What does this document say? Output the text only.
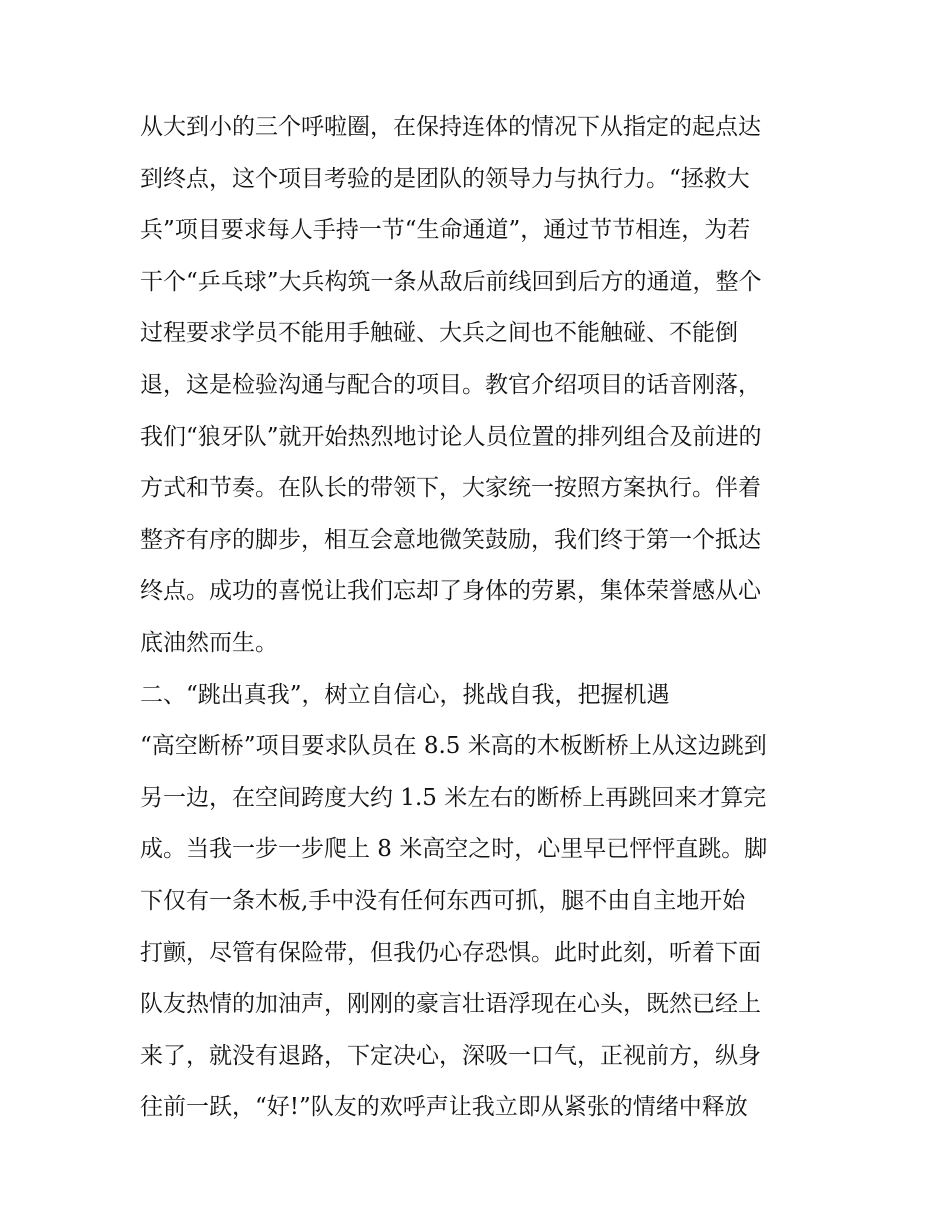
从大到小的三个呼啦圈，在保持连体的情况下从指定的起点达
到终点，这个项目考验的是团队的领导力与执行力。“拯救大
兵”项目要求每人手持一节“生命通道”，通过节节相连，为若
干个“乒乓球”大兵构筑一条从敌后前线回到后方的通道，整个
过程要求学员不能用手触碰、大兵之间也不能触碰、不能倒
退，这是检验沟通与配合的项目。教官介绍项目的话音刚落，
我们“狼牙队”就开始热烈地讨论人员位置的排列组合及前进的
方式和节奏。在队长的带领下，大家统一按照方案执行。伴着
整齐有序的脚步，相互会意地微笑鼓励，我们终于第一个抵达
终点。成功的喜悦让我们忘却了身体的劳累，集体荣誉感从心
底油然而生。
二、“跳出真我”，树立自信心，挑战自我，把握机遇
“高空断桥”项目要求队员在 8.5 米高的木板断桥上从这边跳到
另一边，在空间跨度大约 1.5 米左右的断桥上再跳回来才算完
成。当我一步一步爬上 8 米高空之时，心里早已怦怦直跳。脚
下仅有一条木板,手中没有任何东西可抓，腿不由自主地开始
打颤，尽管有保险带，但我仍心存恐惧。此时此刻，听着下面
队友热情的加油声，刚刚的豪言壮语浮现在心头，既然已经上
来了，就没有退路，下定决心，深吸一口气，正视前方，纵身
往前一跃，“好!”队友的欢呼声让我立即从紧张的情绪中释放
